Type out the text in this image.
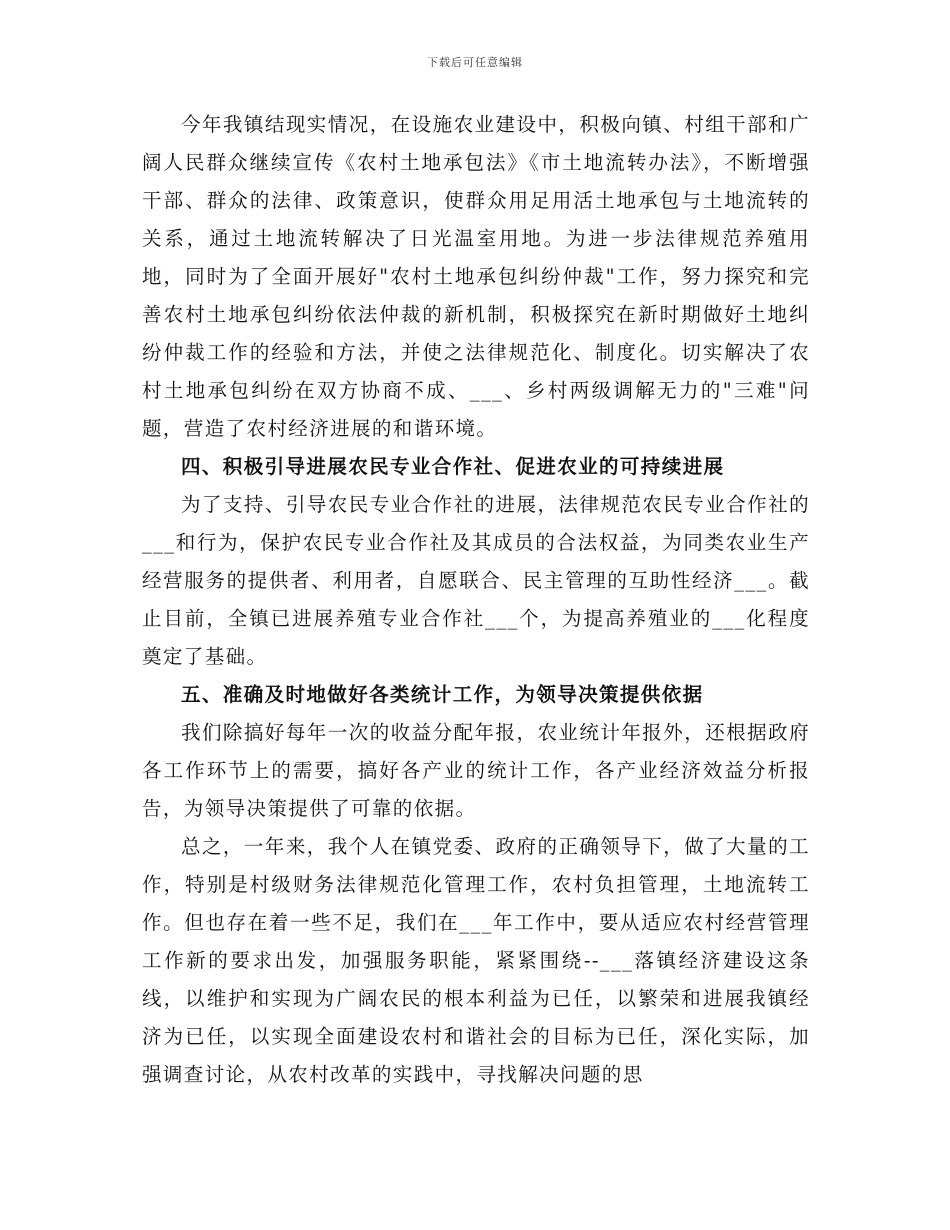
下载后可任意编辑

今年我镇结现实情况，在设施农业建设中，积极向镇、村组干部和广阔人民群众继续宣传《农村土地承包法》《市土地流转办法》，不断增强干部、群众的法律、政策意识，使群众用足用活土地承包与土地流转的关系，通过土地流转解决了日光温室用地。为进一步法律规范养殖用地，同时为了全面开展好"农村土地承包纠纷仲裁"工作，努力探究和完善农村土地承包纠纷依法仲裁的新机制，积极探究在新时期做好土地纠纷仲裁工作的经验和方法，并使之法律规范化、制度化。切实解决了农村土地承包纠纷在双方协商不成、___、乡村两级调解无力的"三难"问题，营造了农村经济进展的和谐环境。

四、积极引导进展农民专业合作社、促进农业的可持续进展

为了支持、引导农民专业合作社的进展，法律规范农民专业合作社的___和行为，保护农民专业合作社及其成员的合法权益，为同类农业生产经营服务的提供者、利用者，自愿联合、民主管理的互助性经济___。截止目前，全镇已进展养殖专业合作社___个，为提高养殖业的___化程度奠定了基础。

五、准确及时地做好各类统计工作，为领导决策提供依据

我们除搞好每年一次的收益分配年报，农业统计年报外，还根据政府各工作环节上的需要，搞好各产业的统计工作，各产业经济效益分析报告，为领导决策提供了可靠的依据。

总之，一年来，我个人在镇党委、政府的正确领导下，做了大量的工作，特别是村级财务法律规范化管理工作，农村负担管理，土地流转工作。但也存在着一些不足，我们在___年工作中，要从适应农村经营管理工作新的要求出发，加强服务职能，紧紧围绕--___落镇经济建设这条线，以维护和实现为广阔农民的根本利益为已任，以繁荣和进展我镇经济为已任，以实现全面建设农村和谐社会的目标为已任，深化实际，加强调查讨论，从农村改革的实践中，寻找解决问题的思
